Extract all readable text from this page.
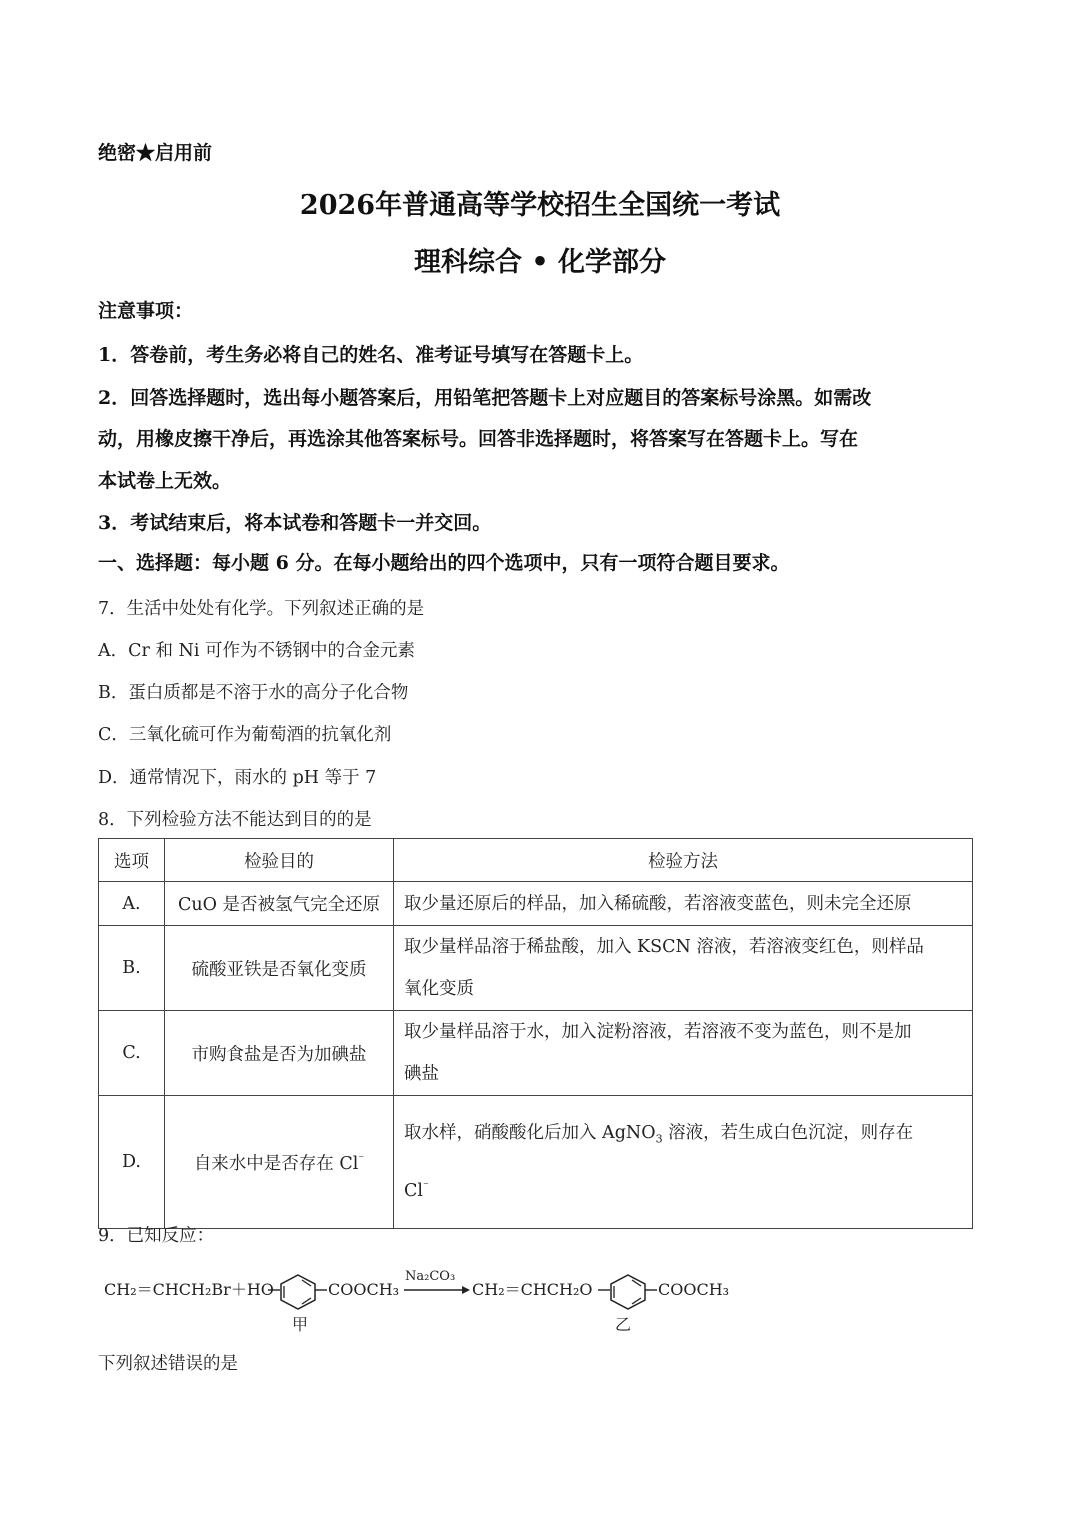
绝密★启用前
2026年普通高等学校招生全国统一考试
理科综合 • 化学部分
注意事项：
1．答卷前，考生务必将自己的姓名、准考证号填写在答题卡上。
2．回答选择题时，选出每小题答案后，用铅笔把答题卡上对应题目的答案标号涂黑。如需改
动，用橡皮擦干净后，再选涂其他答案标号。回答非选择题时，将答案写在答题卡上。写在
本试卷上无效。
3．考试结束后，将本试卷和答题卡一并交回。
一、选择题：每小题 6 分。在每小题给出的四个选项中，只有一项符合题目要求。
7．生活中处处有化学。下列叙述正确的是
A．Cr 和 Ni 可作为不锈钢中的合金元素
B．蛋白质都是不溶于水的高分子化合物
C．三氧化硫可作为葡萄酒的抗氧化剂
D．通常情况下，雨水的 pH 等于 7
8．下列检验方法不能达到目的的是
选项	检验目的	检验方法
A.	CuO 是否被氢气完全还原	取少量还原后的样品，加入稀硫酸，若溶液变蓝色，则未完全还原
B.	硫酸亚铁是否氧化变质	取少量样品溶于稀盐酸，加入 KSCN 溶液，若溶液变红色，则样品
氧化变质
C.	市购食盐是否为加碘盐	取少量样品溶于水，加入淀粉溶液，若溶液不变为蓝色，则不是加
碘盐
D.	自来水中是否存在 Cl⁻	取水样，硝酸酸化后加入 AgNO$_3$ 溶液，若生成白色沉淀，则存在
Cl⁻
9．已知反应：
CH₂＝CHCH₂Br＋HO	COOCH₃
Na₂CO₃
CH₂＝CHCH₂O	COOCH₃
甲	乙
下列叙述错误的是
